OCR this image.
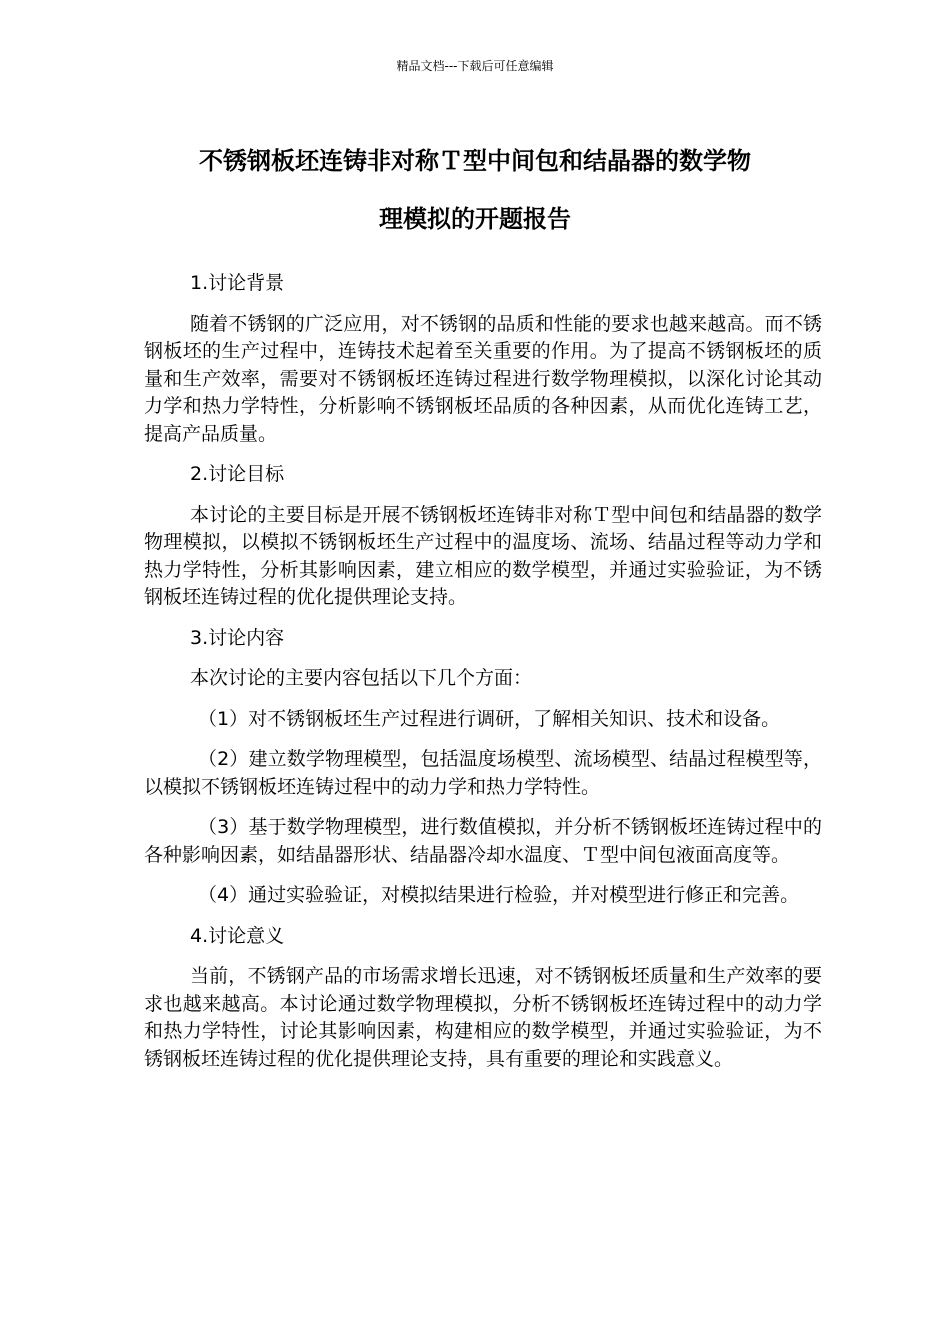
精品文档---下载后可任意编辑
不锈钢板坯连铸非对称Ｔ型中间包和结晶器的数学物
理模拟的开题报告

1.讨论背景

随着不锈钢的广泛应用，对不锈钢的品质和性能的要求也越来越高。而不锈钢板坯的生产过程中，连铸技术起着至关重要的作用。为了提高不锈钢板坯的质量和生产效率，需要对不锈钢板坯连铸过程进行数学物理模拟，以深化讨论其动力学和热力学特性，分析影响不锈钢板坯品质的各种因素，从而优化连铸工艺，提高产品质量。

2.讨论目标

本讨论的主要目标是开展不锈钢板坯连铸非对称Ｔ型中间包和结晶器的数学物理模拟，以模拟不锈钢板坯生产过程中的温度场、流场、结晶过程等动力学和热力学特性，分析其影响因素，建立相应的数学模型，并通过实验验证，为不锈钢板坯连铸过程的优化提供理论支持。

3.讨论内容

本次讨论的主要内容包括以下几个方面：

（1）对不锈钢板坯生产过程进行调研，了解相关知识、技术和设备。

（2）建立数学物理模型，包括温度场模型、流场模型、结晶过程模型等，以模拟不锈钢板坯连铸过程中的动力学和热力学特性。

（3）基于数学物理模型，进行数值模拟，并分析不锈钢板坯连铸过程中的各种影响因素，如结晶器形状、结晶器冷却水温度、Ｔ型中间包液面高度等。

（4）通过实验验证，对模拟结果进行检验，并对模型进行修正和完善。

4.讨论意义

当前，不锈钢产品的市场需求增长迅速，对不锈钢板坯质量和生产效率的要求也越来越高。本讨论通过数学物理模拟，分析不锈钢板坯连铸过程中的动力学和热力学特性，讨论其影响因素，构建相应的数学模型，并通过实验验证，为不锈钢板坯连铸过程的优化提供理论支持，具有重要的理论和实践意义。
